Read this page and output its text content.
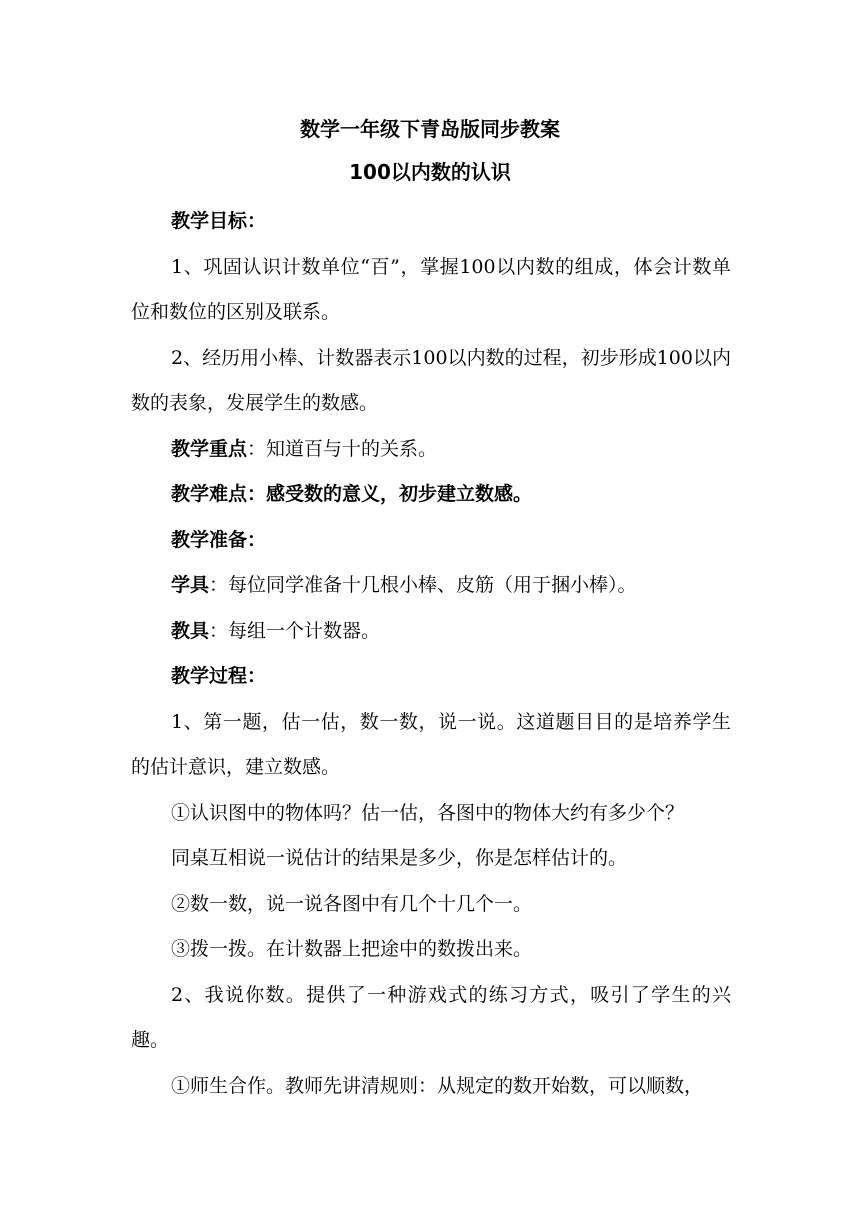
数学一年级下青岛版同步教案
100以内数的认识

教学目标：

1、巩固认识计数单位“百”，掌握100以内数的组成，体会计数单位和数位的区别及联系。

2、经历用小棒、计数器表示100以内数的过程，初步形成100以内数的表象，发展学生的数感。

教学重点：知道百与十的关系。

教学难点：感受数的意义，初步建立数感。

教学准备：

学具：每位同学准备十几根小棒、皮筋（用于捆小棒）。

教具：每组一个计数器。

教学过程：

1、第一题，估一估，数一数，说一说。这道题目目的是培养学生的估计意识，建立数感。

①认识图中的物体吗？估一估，各图中的物体大约有多少个？

同桌互相说一说估计的结果是多少，你是怎样估计的。

②数一数，说一说各图中有几个十几个一。

③拨一拨。在计数器上把途中的数拨出来。

2、我说你数。提供了一种游戏式的练习方式，吸引了学生的兴趣。

①师生合作。教师先讲清规则：从规定的数开始数，可以顺数，
